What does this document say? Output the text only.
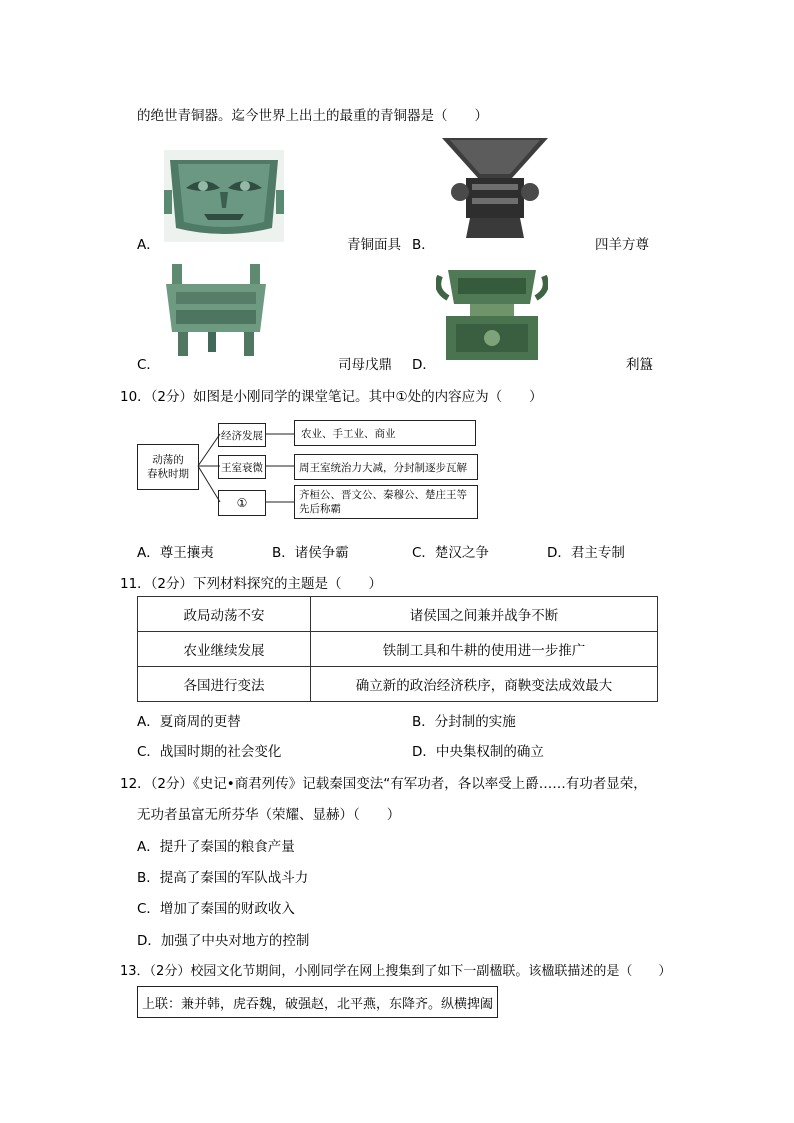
的绝世青铜器。迄今世界上出土的最重的青铜器是（　　）
A．	青铜面具 B．	四羊方尊
C．	司母戊鼎 D．	利簋
10．（2分）如图是小刚同学的课堂笔记。其中①处的内容应为（　　）
动荡的
春秋时期
经济发展
王室衰微
①
农业、手工业、商业
周王室统治力大减，分封制逐步瓦解
齐桓公、晋文公、秦穆公、楚庄王等
先后称霸
A．尊王攘夷	B．诸侯争霸	C．楚汉之争	D．君主专制
11．（2分）下列材料探究的主题是（　　）
政局动荡不安	诸侯国之间兼并战争不断
农业继续发展	铁制工具和牛耕的使用进一步推广
各国进行变法	确立新的政治经济秩序，商鞅变法成效最大
A．夏商周的更替	B．分封制的实施
C．战国时期的社会变化	D．中央集权制的确立
12．（2分）《史记•商君列传》记载秦国变法“有军功者，各以率受上爵……有功者显荣，
无功者虽富无所芬华（荣耀、显赫）（　　）
A．提升了秦国的粮食产量
B．提高了秦国的军队战斗力
C．增加了秦国的财政收入
D．加强了中央对地方的控制
13．（2分）校园文化节期间，小刚同学在网上搜集到了如下一副楹联。该楹联描述的是（　　）
上联：兼并韩，虎吞魏，破强赵，北平燕，东降齐。纵横捭阖
